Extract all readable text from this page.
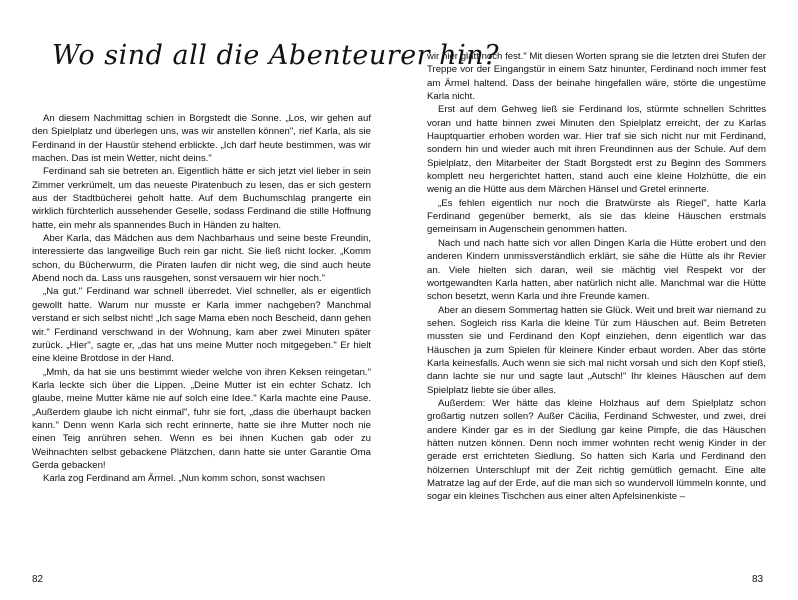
Wo sind all die Abenteurer hin?

An diesem Nachmittag schien in Borgstedt die Sonne. „Los, wir gehen auf den Spielplatz und überlegen uns, was wir anstellen können", rief Karla, als sie Ferdinand in der Haustür stehend erblickte. „Ich darf heute bestimmen, was wir machen. Das ist mein Wetter, nicht deins."

Ferdinand sah sie betreten an. Eigentlich hätte er sich jetzt viel lieber in sein Zimmer verkrümelt, um das neueste Piratenbuch zu lesen, das er sich gestern aus der Stadtbücherei geholt hatte. Auf dem Buchumschlag prangerte ein wirklich fürchterlich aussehender Geselle, sodass Ferdinand die stille Hoffnung hatte, ein mehr als spannendes Buch in Händen zu halten.

Aber Karla, das Mädchen aus dem Nachbarhaus und seine beste Freundin, interessierte das langweilige Buch rein gar nicht. Sie ließ nicht locker. „Komm schon, du Bücherwurm, die Piraten laufen dir nicht weg, die sind auch heute Abend noch da. Lass uns rausgehen, sonst versauern wir hier noch."

„Na gut." Ferdinand war schnell überredet. Viel schneller, als er eigentlich gewollt hatte. Warum nur musste er Karla immer nachgeben? Manchmal verstand er sich selbst nicht! „Ich sage Mama eben noch Bescheid, dann gehen wir." Ferdinand verschwand in der Wohnung, kam aber zwei Minuten später zurück. „Hier", sagte er, „das hat uns meine Mutter noch mitgegeben." Er hielt eine kleine Brotdose in der Hand.

„Mmh, da hat sie uns bestimmt wieder welche von ihren Keksen reingetan." Karla leckte sich über die Lippen. „Deine Mutter ist ein echter Schatz. Ich glaube, meine Mutter käme nie auf solch eine Idee." Karla machte eine Pause. „Außerdem glaube ich nicht einmal", fuhr sie fort, „dass die überhaupt backen kann." Denn wenn Karla sich recht erinnerte, hatte sie ihre Mutter noch nie einen Teig anrühren sehen. Wenn es bei ihnen Kuchen gab oder zu Weihnachten selbst gebackene Plätzchen, dann hatte sie unter Garantie Oma Gerda gebacken!

Karla zog Ferdinand am Ärmel. „Nun komm schon, sonst wachsen

82

wir hier glatt noch fest." Mit diesen Worten sprang sie die letzten drei Stufen der Treppe vor der Eingangstür in einem Satz hinunter, Ferdinand noch immer fest am Ärmel haltend. Dass der beinahe hingefallen wäre, störte die ungestüme Karla nicht.

Erst auf dem Gehweg ließ sie Ferdinand los, stürmte schnellen Schrittes voran und hatte binnen zwei Minuten den Spielplatz erreicht, der zu Karlas Hauptquartier erhoben worden war. Hier traf sie sich nicht nur mit Ferdinand, sondern hin und wieder auch mit ihren Freundinnen aus der Schule. Auf dem Spielplatz, den Mitarbeiter der Stadt Borgstedt erst zu Beginn des Sommers komplett neu hergerichtet hatten, stand auch eine kleine Holzhütte, die ein wenig an die Hütte aus dem Märchen Hänsel und Gretel erinnerte.

„Es fehlen eigentlich nur noch die Bratwürste als Riegel", hatte Karla Ferdinand gegenüber bemerkt, als sie das kleine Häuschen erstmals gemeinsam in Augenschein genommen hatten.

Nach und nach hatte sich vor allen Dingen Karla die Hütte erobert und den anderen Kindern unmissverständlich erklärt, sie sähe die Hütte als ihr Revier an. Viele hielten sich daran, weil sie mächtig viel Respekt vor der wortgewandten Karla hatten, aber natürlich nicht alle. Manchmal war die Hütte schon besetzt, wenn Karla und ihre Freunde kamen.

Aber an diesem Sommertag hatten sie Glück. Weit und breit war niemand zu sehen. Sogleich riss Karla die kleine Tür zum Häuschen auf. Beim Betreten mussten sie und Ferdinand den Kopf einziehen, denn eigentlich war das Häuschen ja zum Spielen für kleinere Kinder erbaut worden. Aber das störte Karla keinesfalls. Auch wenn sie sich mal nicht vorsah und sich den Kopf stieß, dann lachte sie nur und sagte laut „Autsch!" Ihr kleines Häuschen auf dem Spielplatz liebte sie über alles.

Außerdem: Wer hätte das kleine Holzhaus auf dem Spielplatz schon großartig nutzen sollen? Außer Cäcilia, Ferdinand Schwester, und zwei, drei andere Kinder gar es in der Siedlung gar keine Pimpfe, die das Häuschen hätten nutzen können. Denn noch immer wohnten recht wenig Kinder in der gerade erst errichteten Siedlung. So hatten sich Karla und Ferdinand den hölzernen Unterschlupf mit der Zeit richtig gemütlich gemacht. Eine alte Matratze lag auf der Erde, auf die man sich so wundervoll lümmeln konnte, und sogar ein kleines Tischchen aus einer alten Apfelsinenkiste –

83
